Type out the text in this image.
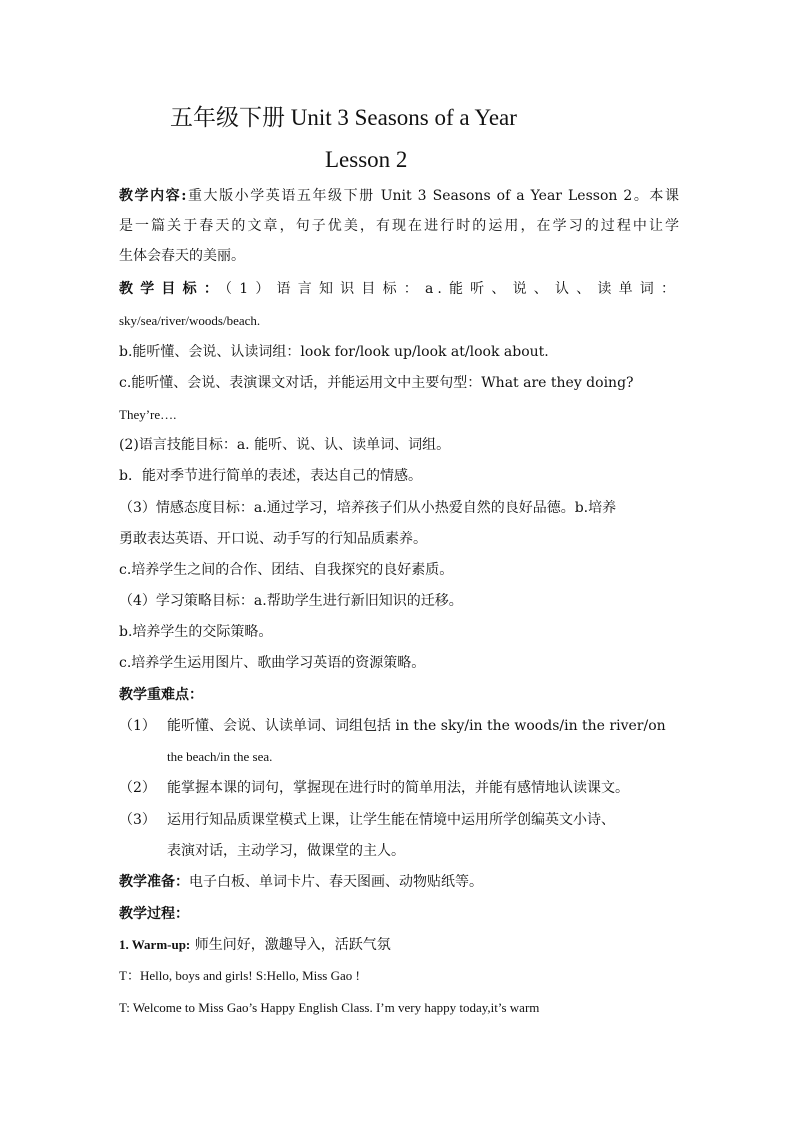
五年级下册 Unit 3 Seasons of a Year
Lesson 2
教学内容:重大版小学英语五年级下册 Unit 3 Seasons of a Year Lesson 2。本课
是一篇关于春天的文章，句子优美，有现在进行时的运用，在学习的过程中让学
生体会春天的美丽。
教学目标：（1）语言知识目标：a.能听、说、认、读单词：
sky/sea/river/woods/beach.
b.能听懂、会说、认读词组：look for/look up/look at/look about.
c.能听懂、会说、表演课文对话，并能运用文中主要句型：What are they doing?
They’re….
(2)语言技能目标：a. 能听、说、认、读单词、词组。
b．能对季节进行简单的表述，表达自己的情感。
（3）情感态度目标：a.通过学习，培养孩子们从小热爱自然的良好品德。b.培养
勇敢表达英语、开口说、动手写的行知品质素养。
c.培养学生之间的合作、团结、自我探究的良好素质。
（4）学习策略目标：a.帮助学生进行新旧知识的迁移。
b.培养学生的交际策略。
c.培养学生运用图片、歌曲学习英语的资源策略。
教学重难点：
（1） 能听懂、会说、认读单词、词组包括 in the sky/in the woods/in the river/on
the beach/in the sea.
（2） 能掌握本课的词句，掌握现在进行时的简单用法，并能有感情地认读课文。
（3） 运用行知品质课堂模式上课，让学生能在情境中运用所学创编英文小诗、
表演对话，主动学习，做课堂的主人。
教学准备：电子白板、单词卡片、春天图画、动物贴纸等。
教学过程：
1. Warm-up: 师生问好，激趣导入，活跃气氛
T：Hello, boys and girls! S:Hello, Miss Gao !
T: Welcome to Miss Gao’s Happy English Class. I’m very happy today,it’s warm
